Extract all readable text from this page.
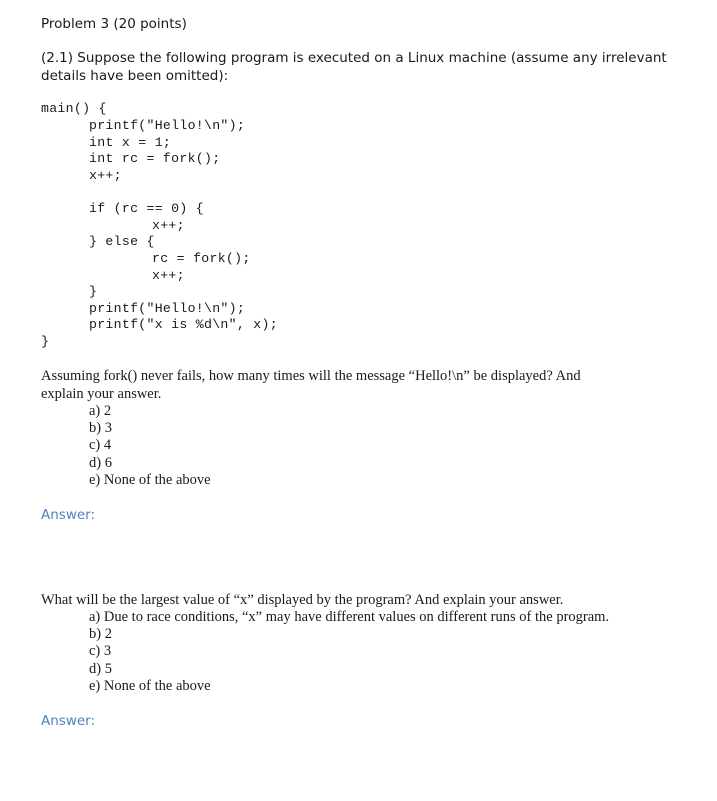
Problem 3 (20 points)
(2.1) Suppose the following program is executed on a Linux machine (assume any irrelevant
details have been omitted):
main() {
printf("Hello!\n");
int x = 1;
int rc = fork();
x++;
if (rc == 0) {
x++;
} else {
rc = fork();
x++;
}
printf("Hello!\n");
printf("x is %d\n", x);
}
Assuming fork() never fails, how many times will the message “Hello!\n” be displayed? And
explain your answer.
a) 2
b) 3
c) 4
d) 6
e) None of the above
Answer:
What will be the largest value of “x” displayed by the program? And explain your answer.
a) Due to race conditions, “x” may have different values on different runs of the program.
b) 2
c) 3
d) 5
e) None of the above
Answer:
